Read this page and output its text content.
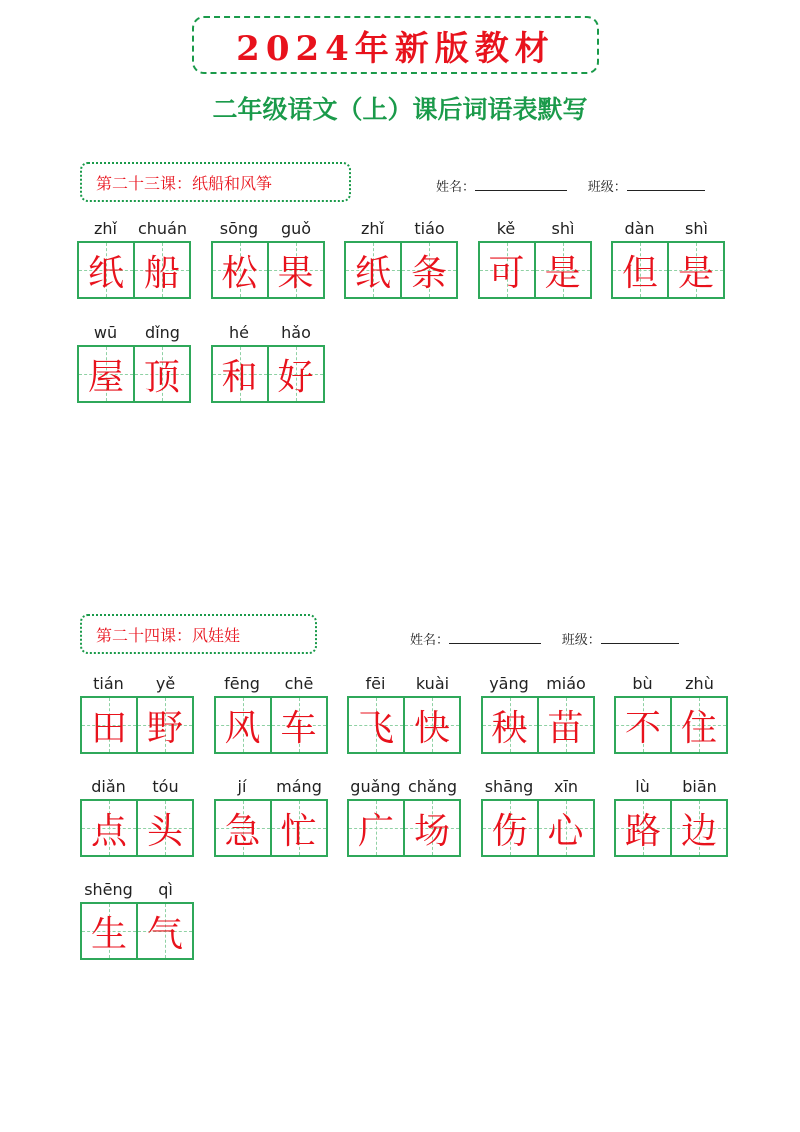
2024年新版教材
二年级语文（上）课后词语表默写
第二十三课：纸船和风筝	姓名：	班级：
第二十四课：风娃娃	姓名：	班级：
zhǐ	chuán
纸 船
sōng	guǒ
松 果
zhǐ	tiáo
纸 条
kě	shì
可 是
dàn	shì
但 是
wū	dǐng
屋 顶
hé	hǎo
和 好
tián	yě
田 野
fēng	chē
风 车
fēi	kuài
飞 快
yāng	miáo
秧 苗
bù	zhù
不 住
diǎn	tóu
点 头
jí	máng
急 忙
guǎng chǎng
广 场
shāng	xīn
伤 心
lù	biān
路 边
shēng	qì
生 气
